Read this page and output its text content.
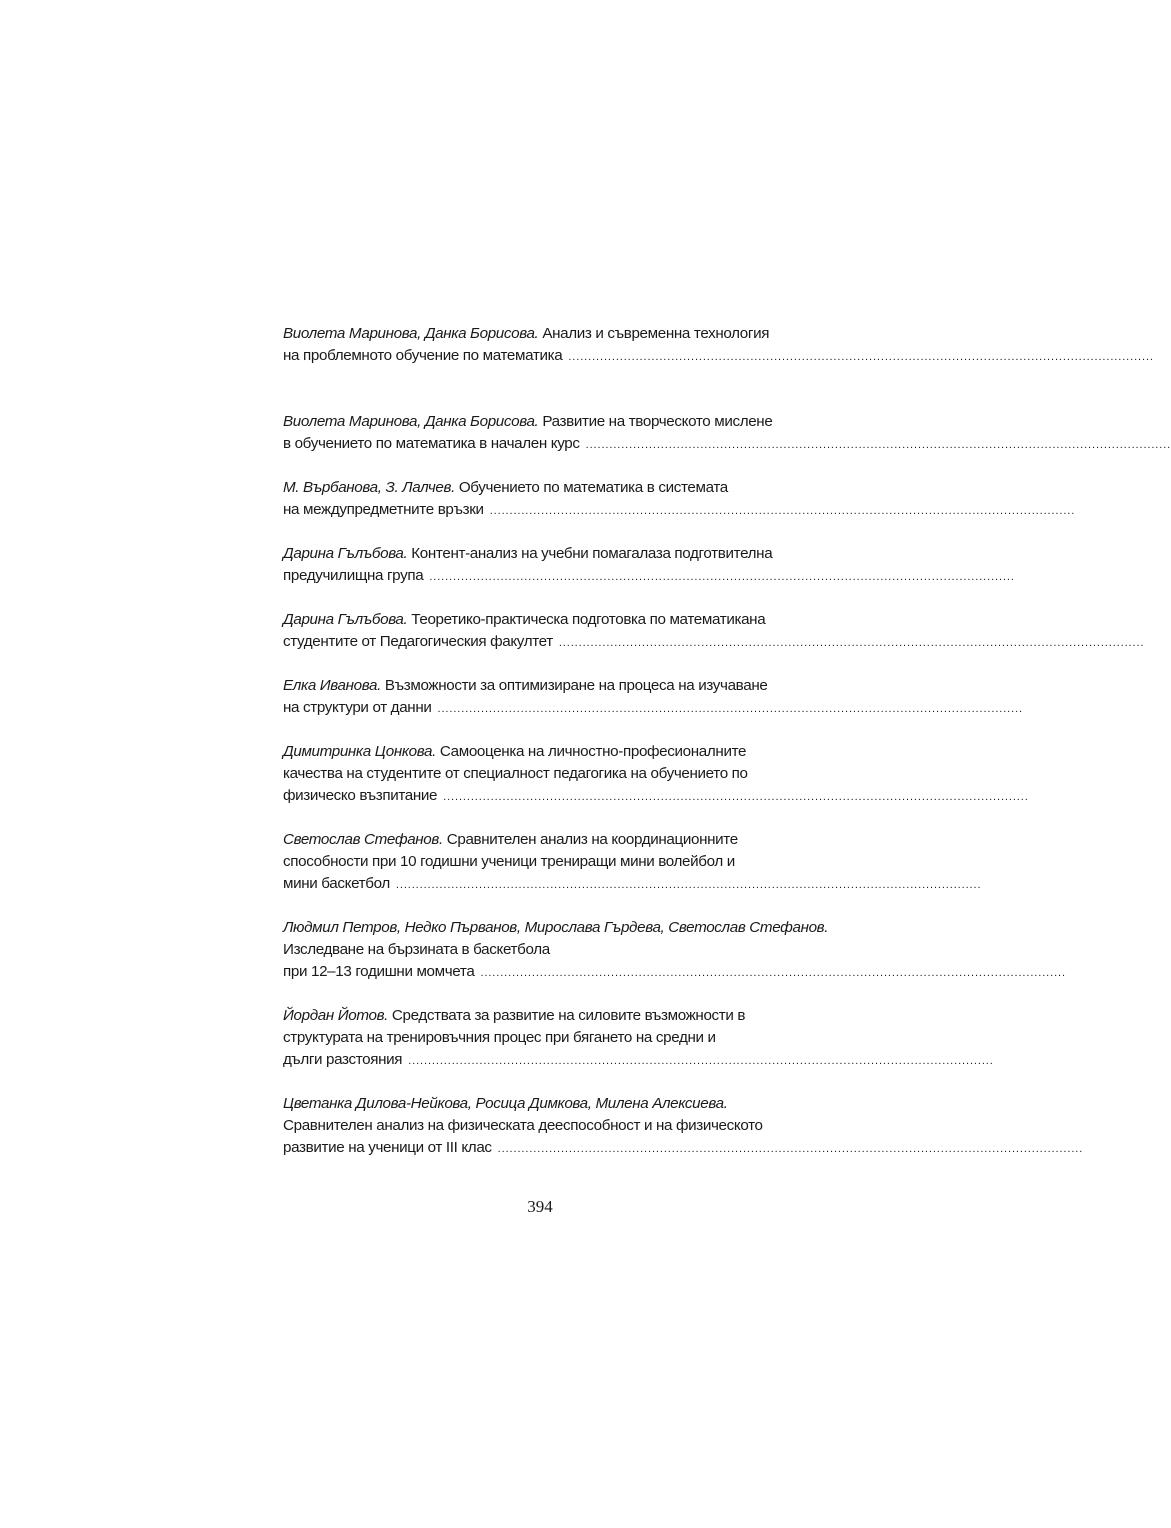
Виолета Маринова, Данка Борисова. Анализ и съвременна технология
на проблемното обучение по математика ....................................................................................................................................................
Виолета Маринова, Данка Борисова. Развитие на творческото мислене
в обучението по математика в начален курс ....................................................................................................................................................
М. Върбанова, З. Лалчев. Обучението по математика в системата
на междупредметните връзки ....................................................................................................................................................
Дарина Гълъбова. Контент-анализ на учебни помагалаза подготвителна
предучилищна група ....................................................................................................................................................
Дарина Гълъбова. Теоретико-практическа подготовка по математикана
студентите от Педагогическия факултет ....................................................................................................................................................
Елка Иванова. Възможности за оптимизиране на процеса на изучаване
на структури от данни ....................................................................................................................................................
Димитринка Цонкова. Самооценка на личностно-професионалните
качества на студентите от специалност педагогика на обучението по
физическо възпитание ....................................................................................................................................................
Светослав Стефанов. Сравнителен анализ на координационните
способности при 10 годишни ученици трениращи мини волейбол и
мини баскетбол ....................................................................................................................................................
Людмил Петров, Недко Първанов, Мирослава Гърдева, Светослав Стефанов.
Изследване на бързината в баскетбола
при 12–13 годишни момчета ....................................................................................................................................................
Йордан Йотов. Средствата за развитие на силовите възможности в
структурата на тренировъчния процес при бягането на средни и
дълги разстояния ....................................................................................................................................................
Цветанка Дилова-Нейкова, Росица Димкова, Милена Алексиева.
Сравнителен анализ на физическата дееспособност и на физическото
развитие на ученици от III клас ....................................................................................................................................................
394
